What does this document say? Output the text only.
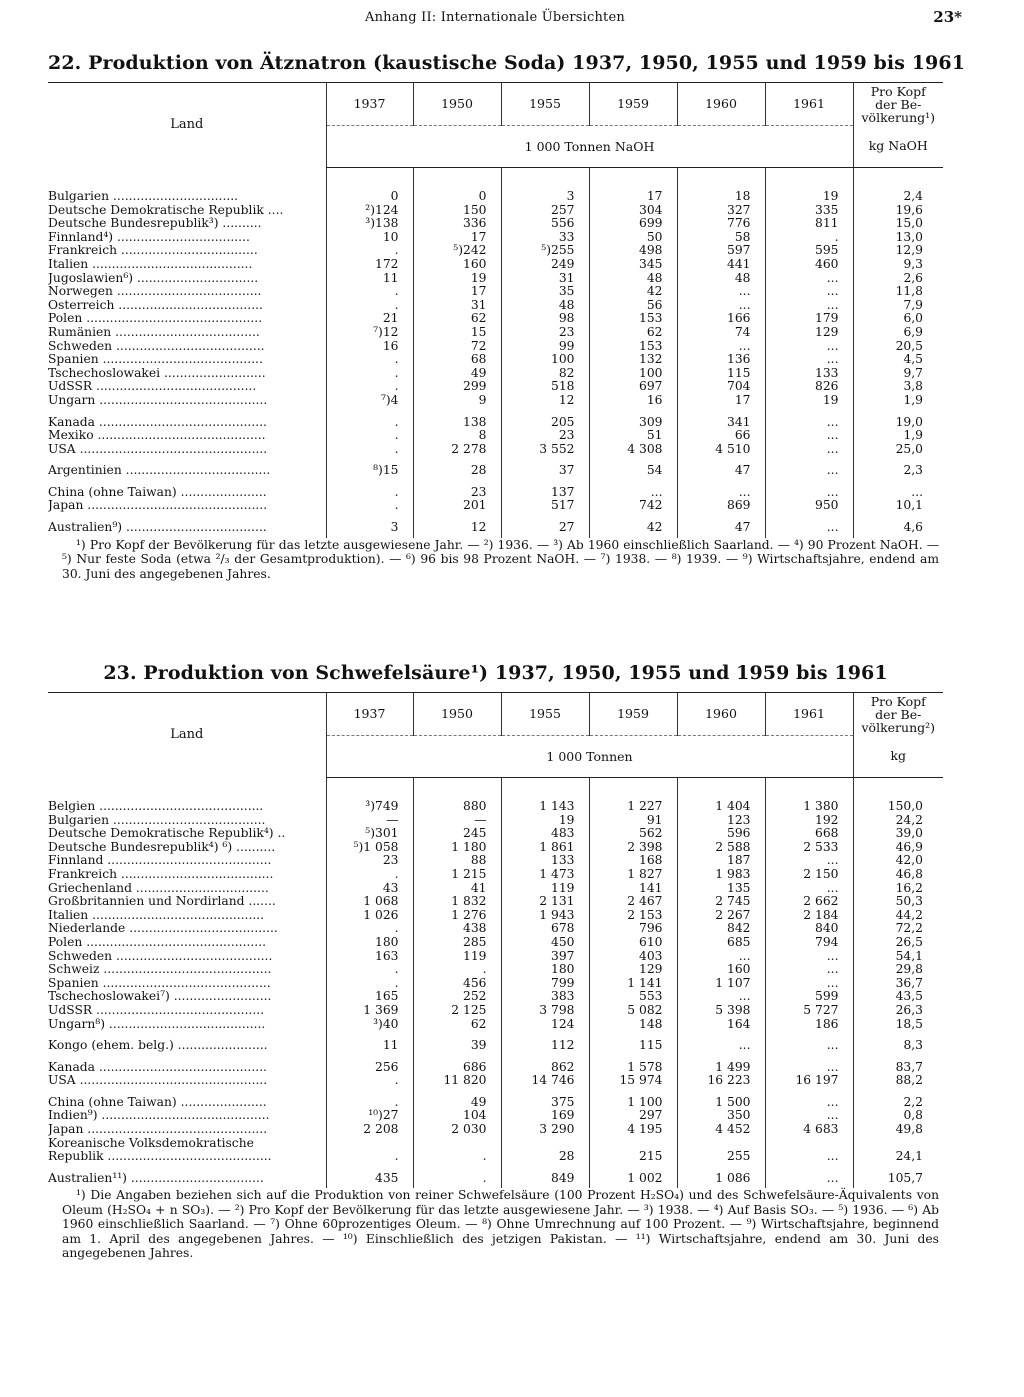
Anhang II: Internationale Übersichten	23*
22. Produktion von Ätznatron (kaustische Soda) 1937, 1950, 1955 und 1959 bis 1961
Land	1937	1950	1955	1959	1960	1961	Pro Kopf
der Be-
völkerung¹)

	1 000 Tonnen NaOH						kg NaOH

Bulgarien ................................	0	0	3	17	18	19	2,4
Deutsche Demokratische Republik ....	²)124	150	257	304	327	335	19,6
Deutsche Bundesrepublik³) ..........	³)138	336	556	699	776	811	15,0
Finnland⁴) ..................................	10	17	33	50	58	.	13,0
Frankreich ...................................	.	⁵)242	⁵)255	498	597	595	12,9
Italien .........................................	172	160	249	345	441	460	9,3
Jugoslawien⁶) ...............................	11	19	31	48	48	...	2,6
Norwegen .....................................	.	17	35	42	...	...	11,8
Österreich .....................................	.	31	48	56	...	...	7,9
Polen .............................................	21	62	98	153	166	179	6,0
Rumänien .....................................	⁷)12	15	23	62	74	129	6,9
Schweden ......................................	16	72	99	153	...	...	20,5
Spanien .........................................	.	68	100	132	136	...	4,5
Tschechoslowakei ..........................	.	49	82	100	115	133	9,7
UdSSR .........................................	.	299	518	697	704	826	3,8
Ungarn ...........................................	⁷)4	9	12	16	17	19	1,9

Kanada ...........................................	.	138	205	309	341	...	19,0
Mexiko ...........................................	.	8	23	51	66	...	1,9
USA ................................................	.	2 278	3 552	4 308	4 510	...	25,0

Argentinien .....................................	⁸)15	28	37	54	47	...	2,3

China (ohne Taiwan) ......................	.	23	137	...	...	...	...
Japan ..............................................	.	201	517	742	869	950	10,1

Australien⁹) ....................................	3	12	27	42	47	...	4,6

¹) Pro Kopf der Bevölkerung für das letzte ausgewiesene Jahr. — ²) 1936. — ³) Ab 1960 einschließlich Saarland. — ⁴) 90 Prozent NaOH. — ⁵) Nur feste Soda (etwa ²/₃ der Gesamtproduktion). — ⁶) 96 bis 98 Prozent NaOH. — ⁷) 1938. — ⁸) 1939. — ⁹) Wirtschaftsjahre, endend am 30. Juni des angegebenen Jahres.

23. Produktion von Schwefelsäure¹) 1937, 1950, 1955 und 1959 bis 1961
Land	1937	1950	1955	1959	1960	1961	Pro Kopf
der Be-
völkerung²)

	1 000 Tonnen						kg

Belgien ..........................................	³)749	880	1 143	1 227	1 404	1 380	150,0
Bulgarien .......................................	—	—	19	91	123	192	24,2
Deutsche Demokratische Republik⁴) ..	⁵)301	245	483	562	596	668	39,0
Deutsche Bundesrepublik⁴) ⁶) ..........	⁵)1 058	1 180	1 861	2 398	2 588	2 533	46,9
Finnland ..........................................	23	88	133	168	187	...	42,0
Frankreich .......................................	.	1 215	1 473	1 827	1 983	2 150	46,8
Griechenland ..................................	43	41	119	141	135	...	16,2
Großbritannien und Nordirland .......	1 068	1 832	2 131	2 467	2 745	2 662	50,3
Italien ............................................	1 026	1 276	1 943	2 153	2 267	2 184	44,2
Niederlande ......................................	.	438	678	796	842	840	72,2
Polen ..............................................	180	285	450	610	685	794	26,5
Schweden ........................................	163	119	397	403	...	...	54,1
Schweiz ...........................................	.	.	180	129	160	...	29,8
Spanien ...........................................	.	456	799	1 141	1 107	...	36,7
Tschechoslowakei⁷) .........................	165	252	383	553	...	599	43,5
UdSSR ...........................................	1 369	2 125	3 798	5 082	5 398	5 727	26,3
Ungarn⁸) ........................................	³)40	62	124	148	164	186	18,5

Kongo (ehem. belg.) .......................	11	39	112	115	...	...	8,3

Kanada ...........................................	256	686	862	1 578	1 499	...	83,7
USA ................................................	.	11 820	14 746	15 974	16 223	16 197	88,2

China (ohne Taiwan) ......................	.	49	375	1 100	1 500	...	2,2
Indien⁹) ...........................................	¹⁰)27	104	169	297	350	...	0,8
Japan ..............................................	2 208	2 030	3 290	4 195	4 452	4 683	49,8
Koreanische Volksdemokratische							
Republik ..........................................	.	.	28	215	255	...	24,1

Australien¹¹) ..................................	435	.	849	1 002	1 086	...	105,7

¹) Die Angaben beziehen sich auf die Produktion von reiner Schwefelsäure (100 Prozent H₂SO₄) und des Schwefelsäure-Äquivalents von Oleum (H₂SO₄ + n SO₃). — ²) Pro Kopf der Bevölkerung für das letzte ausgewiesene Jahr. — ³) 1938. — ⁴) Auf Basis SO₃. — ⁵) 1936. — ⁶) Ab 1960 einschließlich Saarland. — ⁷) Ohne 60prozentiges Oleum. — ⁸) Ohne Umrechnung auf 100 Prozent. — ⁹) Wirtschaftsjahre, beginnend am 1. April des angegebenen Jahres. — ¹⁰) Einschließlich des jetzigen Pakistan. — ¹¹) Wirtschaftsjahre, endend am 30. Juni des angegebenen Jahres.
